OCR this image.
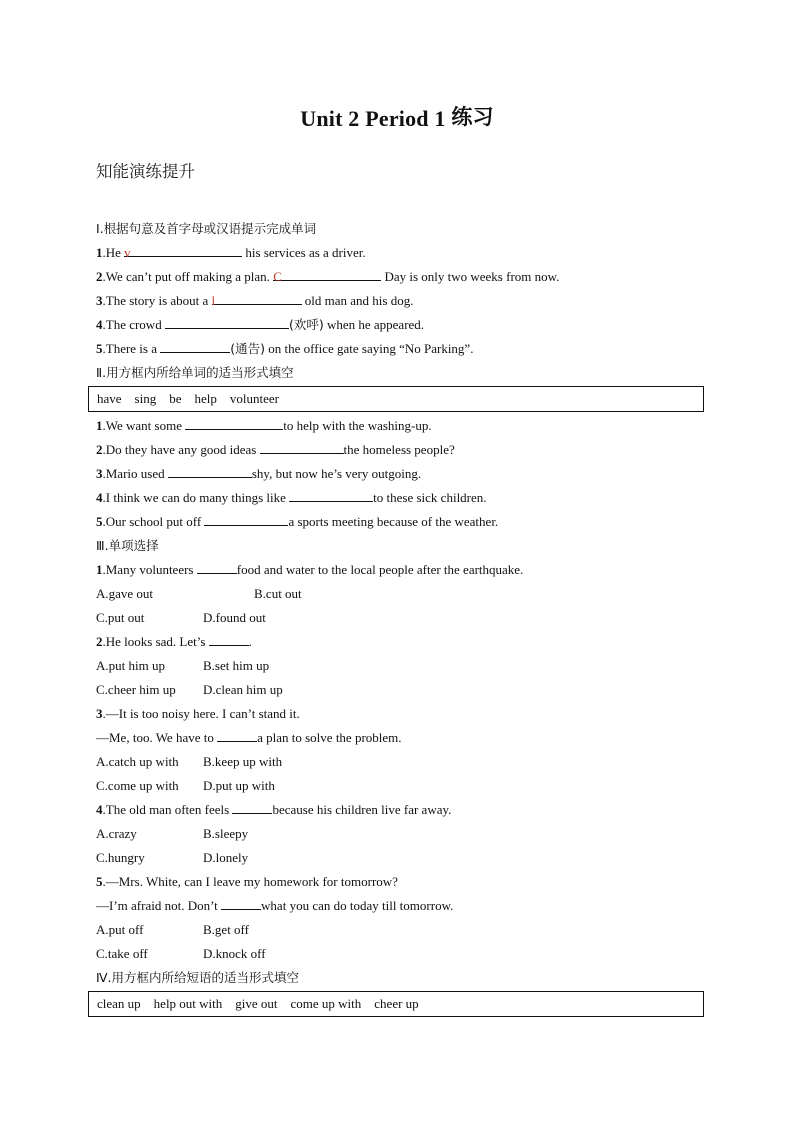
Unit 2 Period 1 练习
知能演练提升
Ⅰ.根据句意及首字母或汉语提示完成单词
1.He v	his services as a driver.
2.We can’t put off making a plan. C	Day is only two weeks from now.
3.The story is about a l	old man and his dog.
4.The crowd	(欢呼) when he appeared.
5.There is a	(通告) on the office gate saying “No Parking”.
Ⅱ.用方框内所给单词的适当形式填空
have    sing    be    help    volunteer
1.We want some	to help with the washing-up.
2.Do they have any good ideas	the homeless people?
3.Mario used	shy, but now he’s very outgoing.
4.I think we can do many things like	to these sick children.
5.Our school put off	a sports meeting because of the weather.
Ⅲ.单项选择
1.Many volunteers	food and water to the local people after the earthquake.
A.gave out	B.cut out
C.put out	D.found out
2.He looks sad. Let’s	.
A.put him up	B.set him up
C.cheer him up D.clean him up
3.—It is too noisy here. I can’t stand it.
—Me, too. We have to	a plan to solve the problem.
A.catch up with B.keep up with
C.come up with D.put up with
4.The old man often feels	because his children live far away.
A.crazy	B.sleepy
C.hungry	D.lonely
5.—Mrs. White, can I leave my homework for tomorrow?
—I’m afraid not. Don’t	what you can do today till tomorrow.
A.put off	B.get off
C.take off	D.knock off
Ⅳ.用方框内所给短语的适当形式填空
clean up    help out with    give out    come up with    cheer up
